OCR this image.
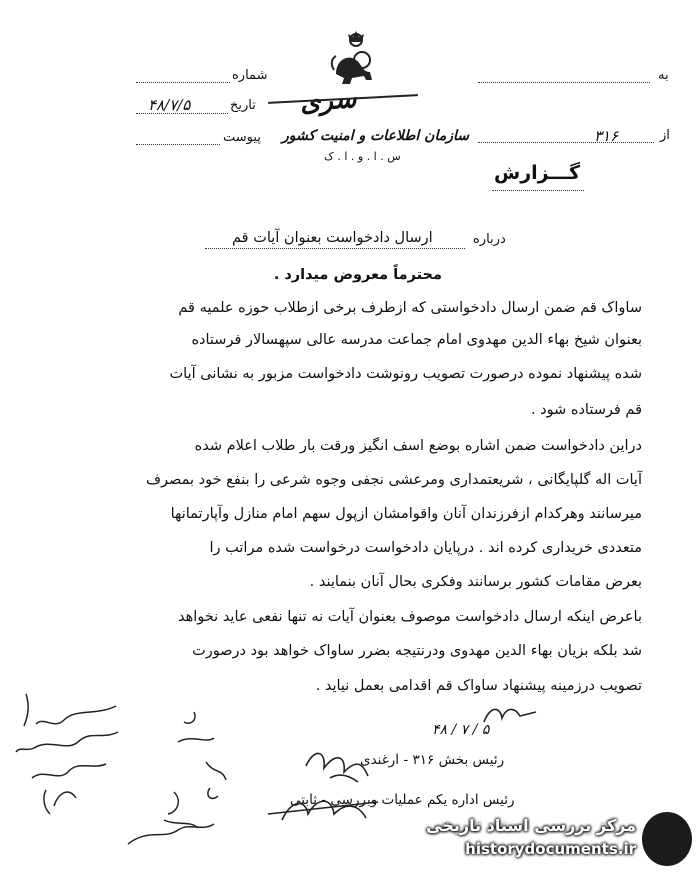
سری
سازمان اطلاعات و امنیت کشور
س . ا . و . ا . ک
شماره
تاریخ
۴۸/۷/۵
پیوست
به
از
۳۱۶
گـــزارش
درباره
ارسال دادخواست بعنوان آیات قم
محترماً معروض میدارد .
ساواک قم ضمن ارسال دادخواستی که ازطرف برخی ازطلاب حوزه علمیه قم
بعنوان شیخ بهاء الدین مهدوی امام جماعت مدرسه عالی سپهسالار فرستاده
شده پیشنهاد نموده درصورت تصویب رونوشت دادخواست مزبور به نشانی آیات
قم فرستاده شود .
دراین دادخواست ضمن اشاره بوضع اسف انگیز ورقت بار طلاب اعلام شده
آیات اله گلپایگانی ، شریعتمداری ومرعشی نجفی وجوه شرعی را بنفع خود بمصرف
میرسانند وهرکدام ازفرزندان آنان واقوامشان ازپول سهم امام منازل وآپارتمانها
متعددی خریداری کرده اند . درپایان دادخواست درخواست شده مراتب را
بعرض مقامات کشور برسانند وفکری بحال آنان بنمایند .
باعرض اینکه ارسال دادخواست موصوف بعنوان آیات نه تنها نفعی عاید نخواهد
شد بلکه بزیان بهاء الدین مهدوی ودرنتیجه بضرر ساواک خواهد بود درصورت
تصویب درزمینه پیشنهاد ساواک قم اقدامی بعمل نیاید .
۵ / ۷ / ۴۸
رئیس بخش ۳۱۶ - ارغندی
رئیس اداره یکم عملیات وبررسی - ثابتی
مرکز بررسی اسناد تاریخی
historydocuments.ir
